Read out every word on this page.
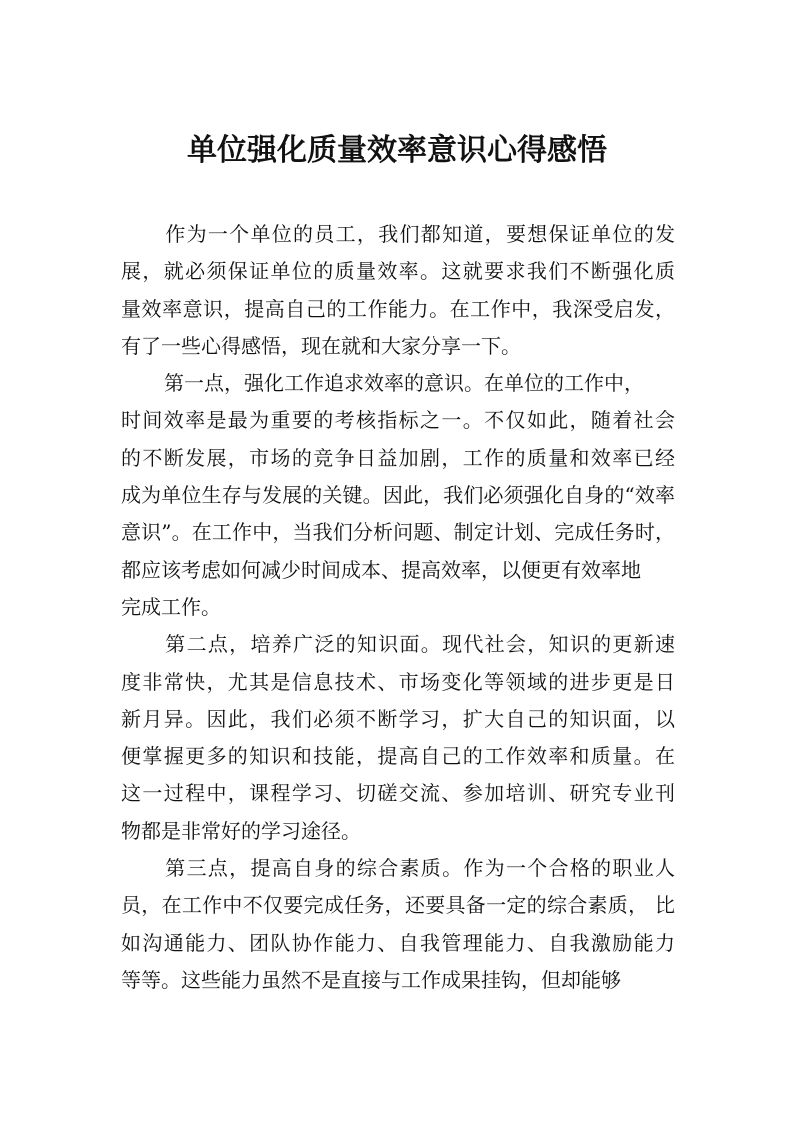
单位强化质量效率意识心得感悟

作为一个单位的员工，我们都知道，要想保证单位的发
展，就必须保证单位的质量效率。这就要求我们不断强化质
量效率意识，提高自己的工作能力。在工作中，我深受启发，
有了一些心得感悟，现在就和大家分享一下。

第一点，强化工作追求效率的意识。在单位的工作中，
时间效率是最为重要的考核指标之一。不仅如此，随着社会
的不断发展，市场的竞争日益加剧，工作的质量和效率已经
成为单位生存与发展的关键。因此，我们必须强化自身的“效率
意识”。在工作中，当我们分析问题、制定计划、完成任务时，
都应该考虑如何减少时间成本、提高效率，以便更有效率地
完成工作。

第二点，培养广泛的知识面。现代社会，知识的更新速
度非常快，尤其是信息技术、市场变化等领域的进步更是日
新月异。因此，我们必须不断学习，扩大自己的知识面，以
便掌握更多的知识和技能，提高自己的工作效率和质量。在
这一过程中，课程学习、切磋交流、参加培训、研究专业刊
物都是非常好的学习途径。

第三点，提高自身的综合素质。作为一个合格的职业人
员，在工作中不仅要完成任务，还要具备一定的综合素质， 比
如沟通能力、团队协作能力、自我管理能力、自我激励能力
等等。这些能力虽然不是直接与工作成果挂钩，但却能够
